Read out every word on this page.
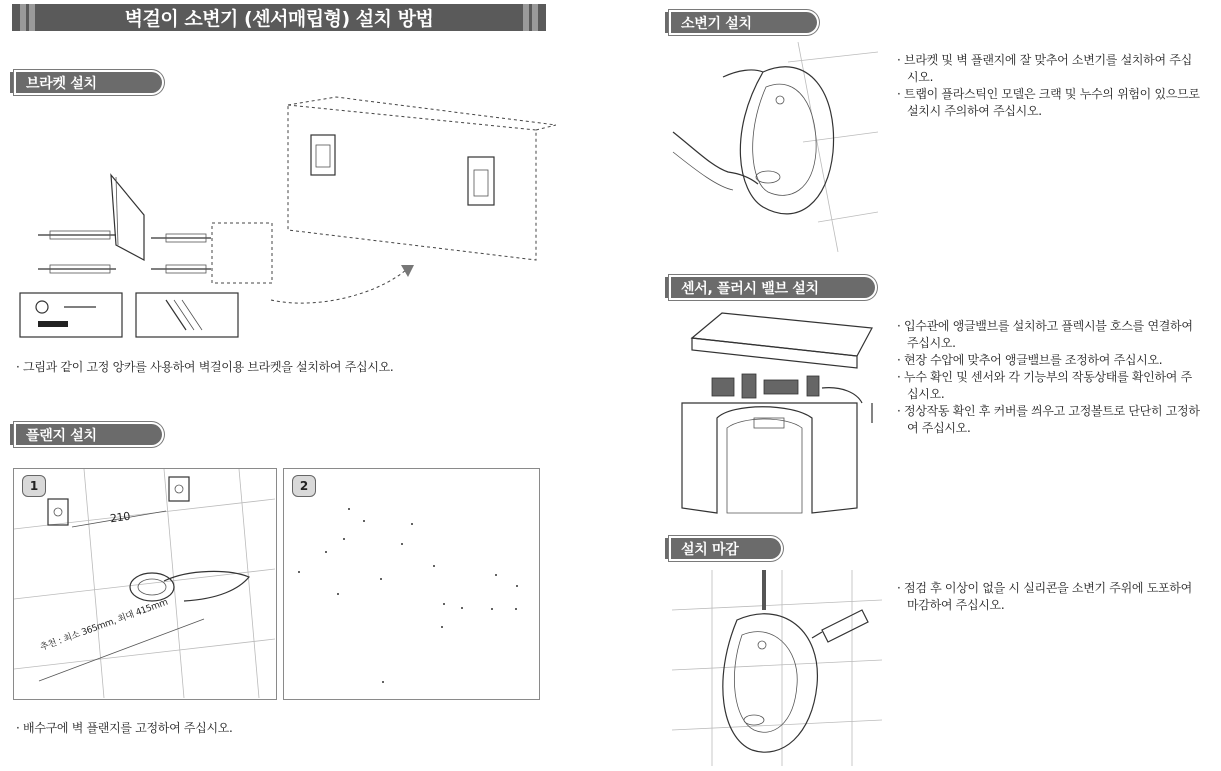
벽걸이 소변기 (센서매립형) 설치 방법
브라켓 설치
· 그림과 같이 고정 앙카를 사용하여 벽걸이용 브라켓을 설치하여 주십시오.
플랜지 설치
1
210
추천 : 최소 365mm, 최대 415mm
2
· 배수구에 벽 플랜지를 고정하여 주십시오.
소변기 설치
· 브라켓 및 벽 플랜지에 잘 맞추어 소변기를 설치하여 주십시오.
· 트랩이 플라스틱인 모델은 크랙 및 누수의 위험이 있으므로 설치시 주의하여 주십시오.
센서, 플러시 밸브 설치
· 입수관에 앵글밸브를 설치하고 플렉시블 호스를 연결하여 주십시오.
· 현장 수압에 맞추어 앵글밸브를 조정하여 주십시오.
· 누수 확인 및 센서와 각 기능부의 작동상태를 확인하여 주십시오.
· 정상작동 확인 후 커버를 씌우고 고정볼트로 단단히 고정하여 주십시오.
설치 마감
· 점검 후 이상이 없을 시 실리콘을 소변기 주위에 도포하여 마감하여 주십시오.
